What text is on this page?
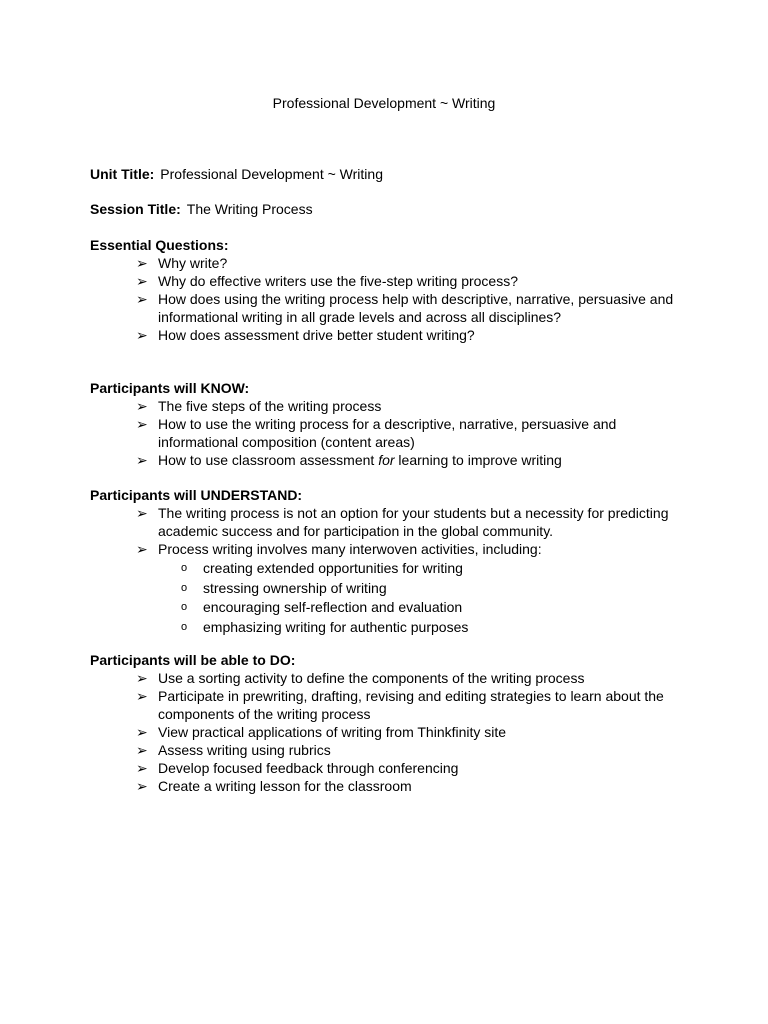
Professional Development ~ Writing
Unit Title: Professional Development ~ Writing
Session Title: The Writing Process
Essential Questions:
➢ Why write?
➢ Why do effective writers use the five-step writing process?
➢ How does using the writing process help with descriptive, narrative, persuasive and informational writing in all grade levels and across all disciplines?
➢ How does assessment drive better student writing?
Participants will KNOW:
➢ The five steps of the writing process
➢ How to use the writing process for a descriptive, narrative, persuasive and informational composition (content areas)
➢ How to use classroom assessment for learning to improve writing
Participants will UNDERSTAND:
➢ The writing process is not an option for your students but a necessity for predicting academic success and for participation in the global community.
➢ Process writing involves many interwoven activities, including:
o creating extended opportunities for writing
o stressing ownership of writing
o encouraging self-reflection and evaluation
o emphasizing writing for authentic purposes
Participants will be able to DO:
➢ Use a sorting activity to define the components of the writing process
➢ Participate in prewriting, drafting, revising and editing strategies to learn about the components of the writing process
➢ View practical applications of writing from Thinkfinity site
➢ Assess writing using rubrics
➢ Develop focused feedback through conferencing
➢ Create a writing lesson for the classroom
